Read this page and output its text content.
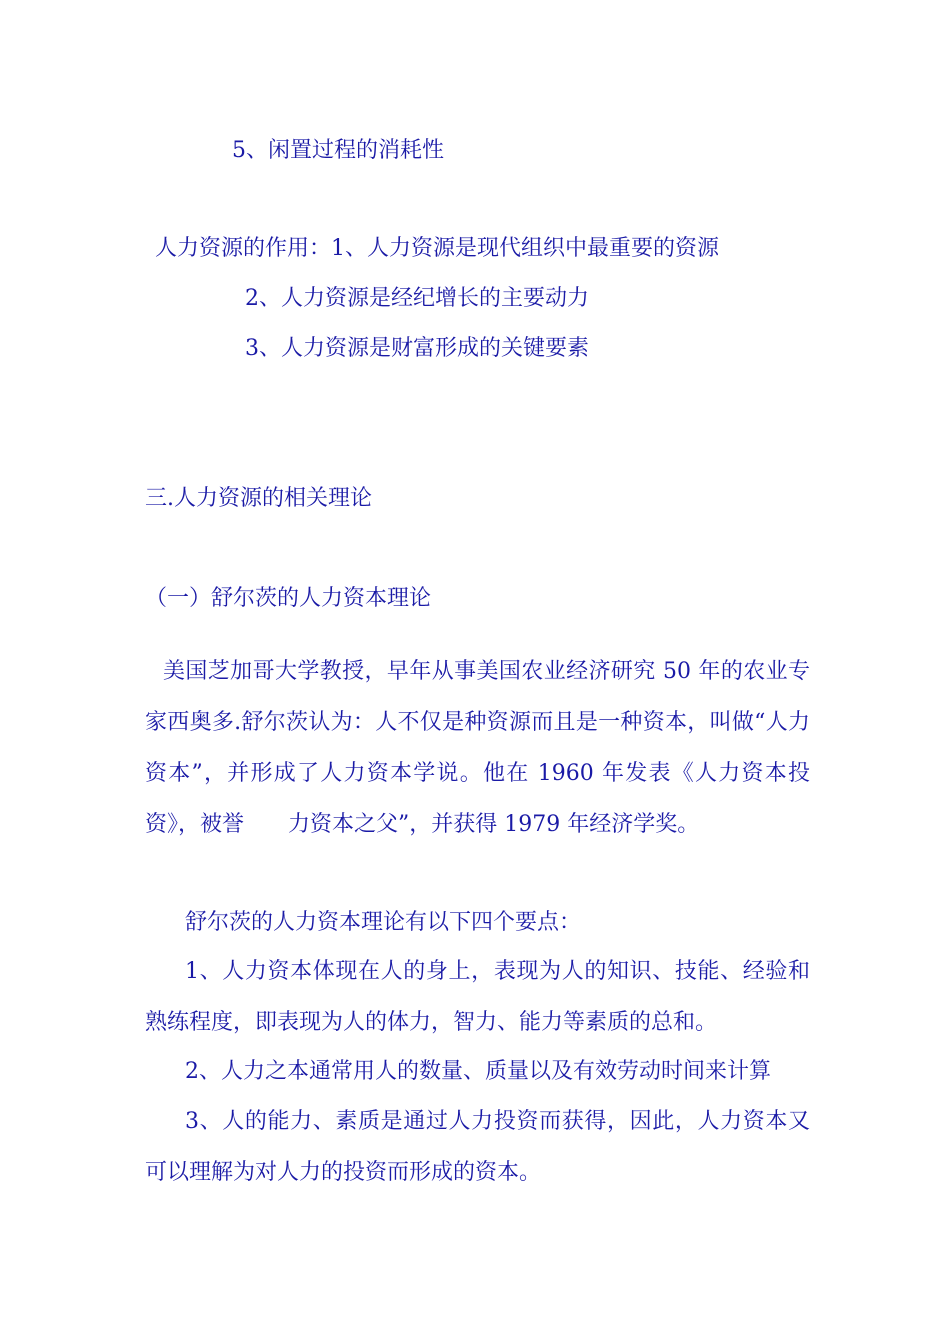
5、闲置过程的消耗性
人力资源的作用：1、人力资源是现代组织中最重要的资源
2、人力资源是经纪增长的主要动力
3、人力资源是财富形成的关键要素
三.人力资源的相关理论
（一）舒尔茨的人力资本理论
美国芝加哥大学教授，早年从事美国农业经济研究 50 年的农业专家西奥多.舒尔茨认为：人不仅是种资源而且是一种资本，叫做“人力资本”，并形成了人力资本学说。他在 1960 年发表《人力资本投资》，被誉　　力资本之父”，并获得 1979 年经济学奖。
舒尔茨的人力资本理论有以下四个要点：
1、人力资本体现在人的身上，表现为人的知识、技能、经验和熟练程度，即表现为人的体力，智力、能力等素质的总和。
2、人力之本通常用人的数量、质量以及有效劳动时间来计算
3、人的能力、素质是通过人力投资而获得，因此，人力资本又可以理解为对人力的投资而形成的资本。
